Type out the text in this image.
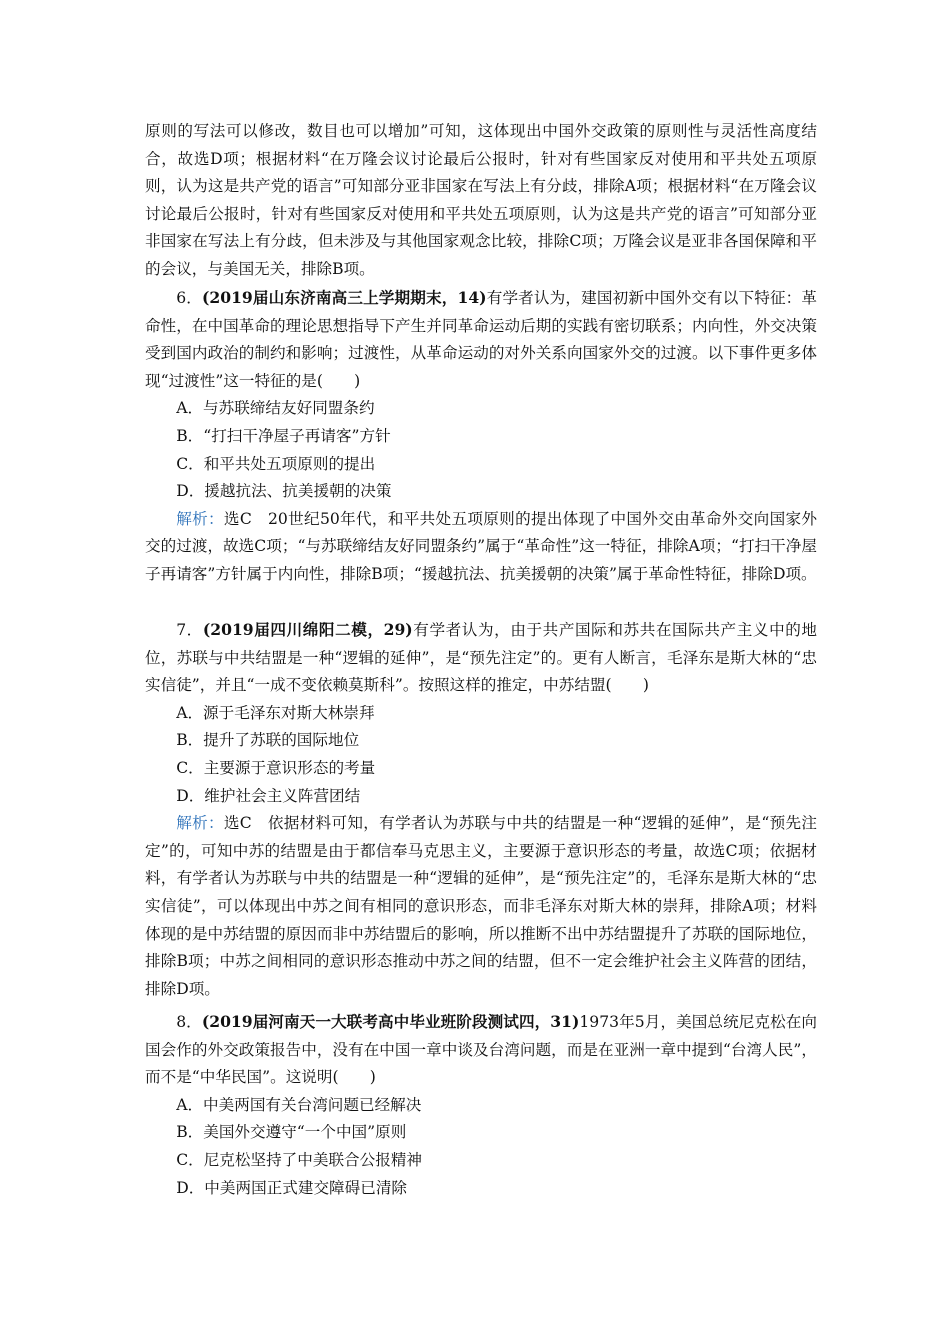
原则的写法可以修改，数目也可以增加”可知，这体现出中国外交政策的原则性与灵活性高度结合，故选D项；根据材料“在万隆会议讨论最后公报时，针对有些国家反对使用和平共处五项原则，认为这是共产党的语言”可知部分亚非国家在写法上有分歧，排除A项；根据材料“在万隆会议讨论最后公报时，针对有些国家反对使用和平共处五项原则，认为这是共产党的语言”可知部分亚非国家在写法上有分歧，但未涉及与其他国家观念比较，排除C项；万隆会议是亚非各国保障和平的会议，与美国无关，排除B项。

6．(2019届山东济南高三上学期期末，14)有学者认为，建国初新中国外交有以下特征：革命性，在中国革命的理论思想指导下产生并同革命运动后期的实践有密切联系；内向性，外交决策受到国内政治的制约和影响；过渡性，从革命运动的对外关系向国家外交的过渡。以下事件更多体现“过渡性”这一特征的是(　　)

A．与苏联缔结友好同盟条约

B．“打扫干净屋子再请客”方针

C．和平共处五项原则的提出

D．援越抗法、抗美援朝的决策

解析：选C　20世纪50年代，和平共处五项原则的提出体现了中国外交由革命外交向国家外交的过渡，故选C项；“与苏联缔结友好同盟条约”属于“革命性”这一特征，排除A项；“打扫干净屋子再请客”方针属于内向性，排除B项；“援越抗法、抗美援朝的决策”属于革命性特征，排除D项。

7．(2019届四川绵阳二模，29)有学者认为，由于共产国际和苏共在国际共产主义中的地位，苏联与中共结盟是一种“逻辑的延伸”，是“预先注定”的。更有人断言，毛泽东是斯大林的“忠实信徒”，并且“一成不变依赖莫斯科”。按照这样的推定，中苏结盟(　　)

A．源于毛泽东对斯大林崇拜

B．提升了苏联的国际地位

C．主要源于意识形态的考量

D．维护社会主义阵营团结

解析：选C　依据材料可知，有学者认为苏联与中共的结盟是一种“逻辑的延伸”，是“预先注定”的，可知中苏的结盟是由于都信奉马克思主义，主要源于意识形态的考量，故选C项；依据材料，有学者认为苏联与中共的结盟是一种“逻辑的延伸”，是“预先注定”的，毛泽东是斯大林的“忠实信徒”，可以体现出中苏之间有相同的意识形态，而非毛泽东对斯大林的崇拜，排除A项；材料体现的是中苏结盟的原因而非中苏结盟后的影响，所以推断不出中苏结盟提升了苏联的国际地位，排除B项；中苏之间相同的意识形态推动中苏之间的结盟，但不一定会维护社会主义阵营的团结，排除D项。

8．(2019届河南天一大联考高中毕业班阶段测试四，31)1973年5月，美国总统尼克松在向国会作的外交政策报告中，没有在中国一章中谈及台湾问题，而是在亚洲一章中提到“台湾人民”，而不是“中华民国”。这说明(　　)

A．中美两国有关台湾问题已经解决

B．美国外交遵守“一个中国”原则

C．尼克松坚持了中美联合公报精神

D．中美两国正式建交障碍已清除
